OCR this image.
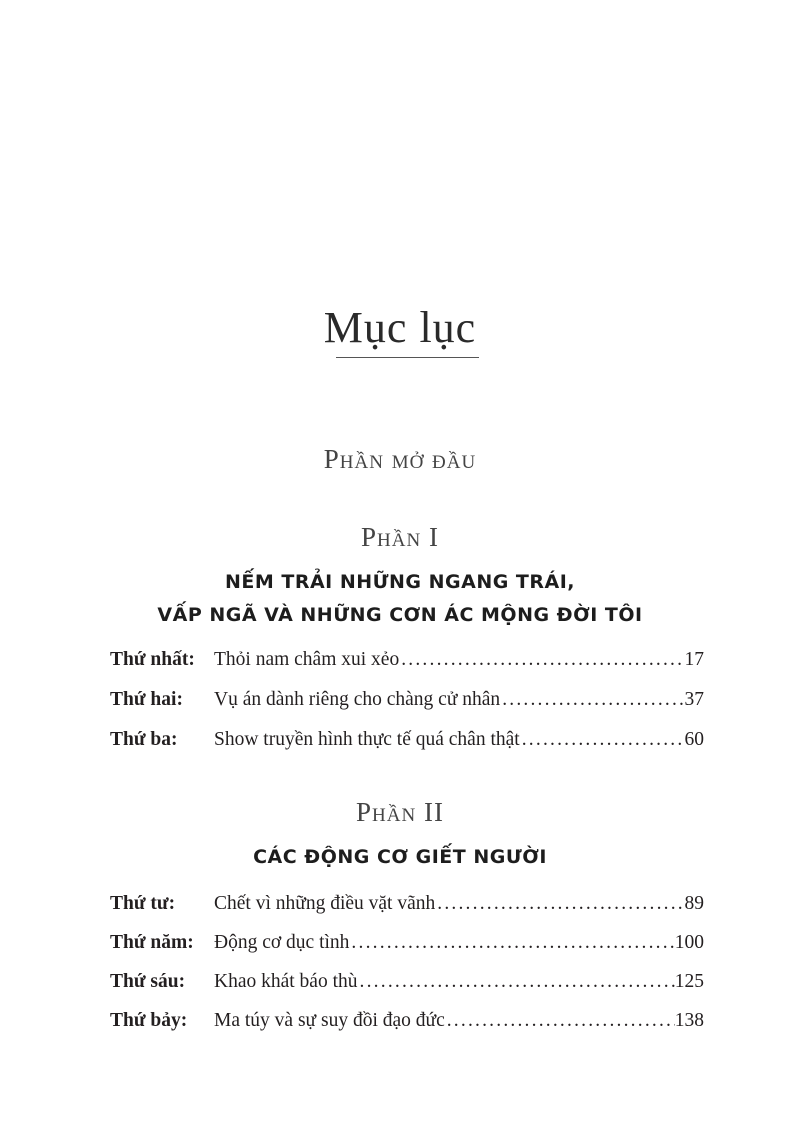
Mục lục
Phần mở đầu
Phần I
NẾM TRẢI NHỮNG NGANG TRÁI,
VẤP NGÃ VÀ NHỮNG CƠN ÁC MỘNG ĐỜI TÔI
Thứ nhất: Thỏi nam châm xui xẻo .....	17
Thứ hai:	Vụ án dành riêng cho chàng cử nhân .....	37
Thứ ba:	Show truyền hình thực tế quá chân thật .....	60
Phần II
CÁC ĐỘNG CƠ GIẾT NGƯỜI
Thứ tư:	Chết vì những điều vặt vãnh .....	89
Thứ năm:	Động cơ dục tình .....	100
Thứ sáu:	Khao khát báo thù .....	125
Thứ bảy:	Ma túy và sự suy đồi đạo đức .....	138
